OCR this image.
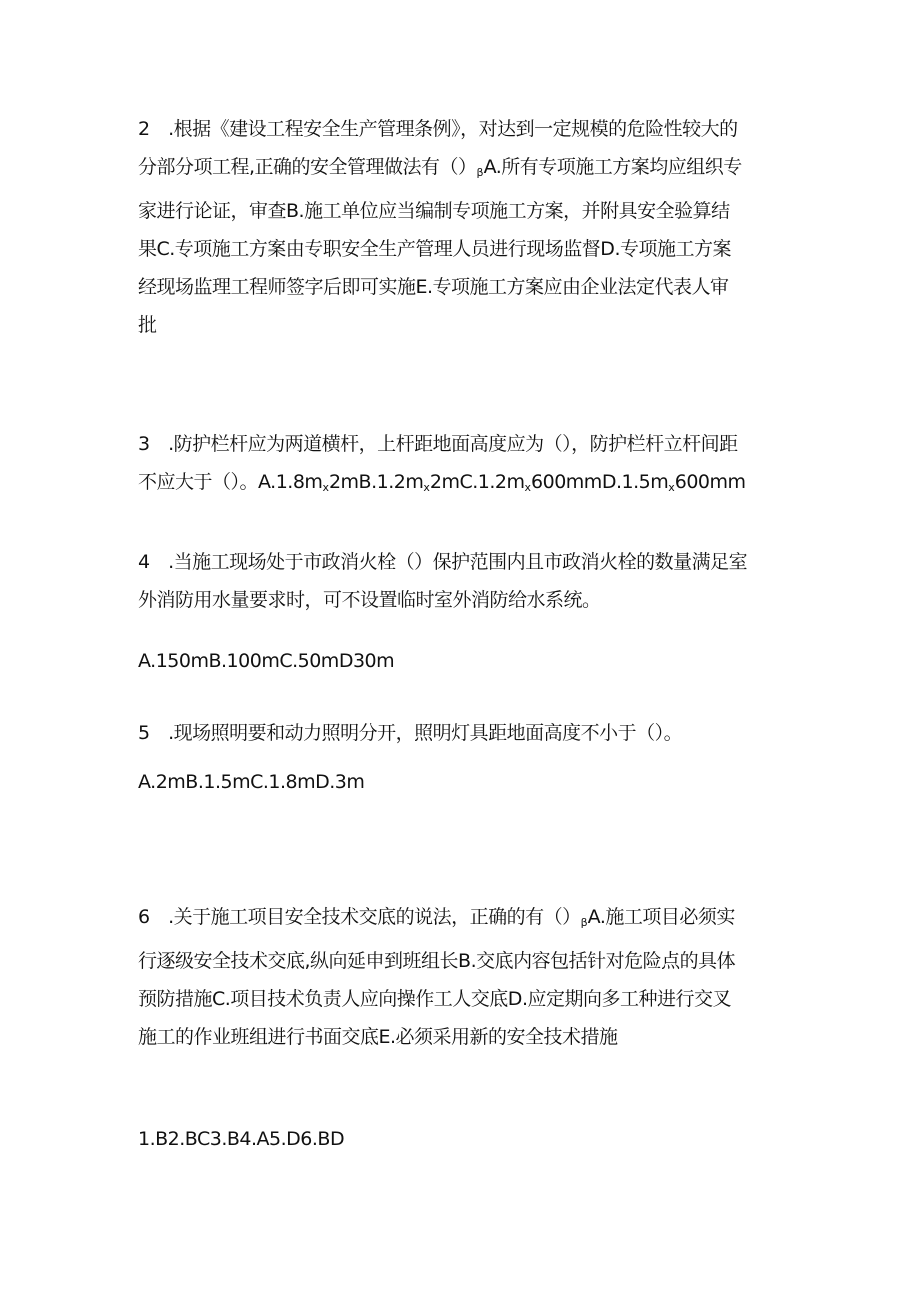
2　.根据《建设工程安全生产管理条例》，对达到一定规模的危险性较大的
分部分项工程,正确的安全管理做法有（）βA.所有专项施工方案均应组织专
家进行论证，审查B.施工单位应当编制专项施工方案，并附具安全验算结
果C.专项施工方案由专职安全生产管理人员进行现场监督D.专项施工方案
经现场监理工程师签字后即可实施E.专项施工方案应由企业法定代表人审
批
3　.防护栏杆应为两道横杆，上杆距地面高度应为（），防护栏杆立杆间距
不应大于（）。A.1.8mx2mB.1.2mx2mC.1.2mx600mmD.1.5mx600mm
4　.当施工现场处于市政消火栓（）保护范围内且市政消火栓的数量满足室
外消防用水量要求时，可不设置临时室外消防给水系统。
A.150mB.100mC.50mD30m
5　.现场照明要和动力照明分开，照明灯具距地面高度不小于（）。
A.2mB.1.5mC.1.8mD.3m
6　.关于施工项目安全技术交底的说法，正确的有（）βA.施工项目必须实
行逐级安全技术交底,纵向延申到班组长B.交底内容包括针对危险点的具体
预防措施C.项目技术负责人应向操作工人交底D.应定期向多工种进行交叉
施工的作业班组进行书面交底E.必须采用新的安全技术措施
1.B2.BC3.B4.A5.D6.BD
